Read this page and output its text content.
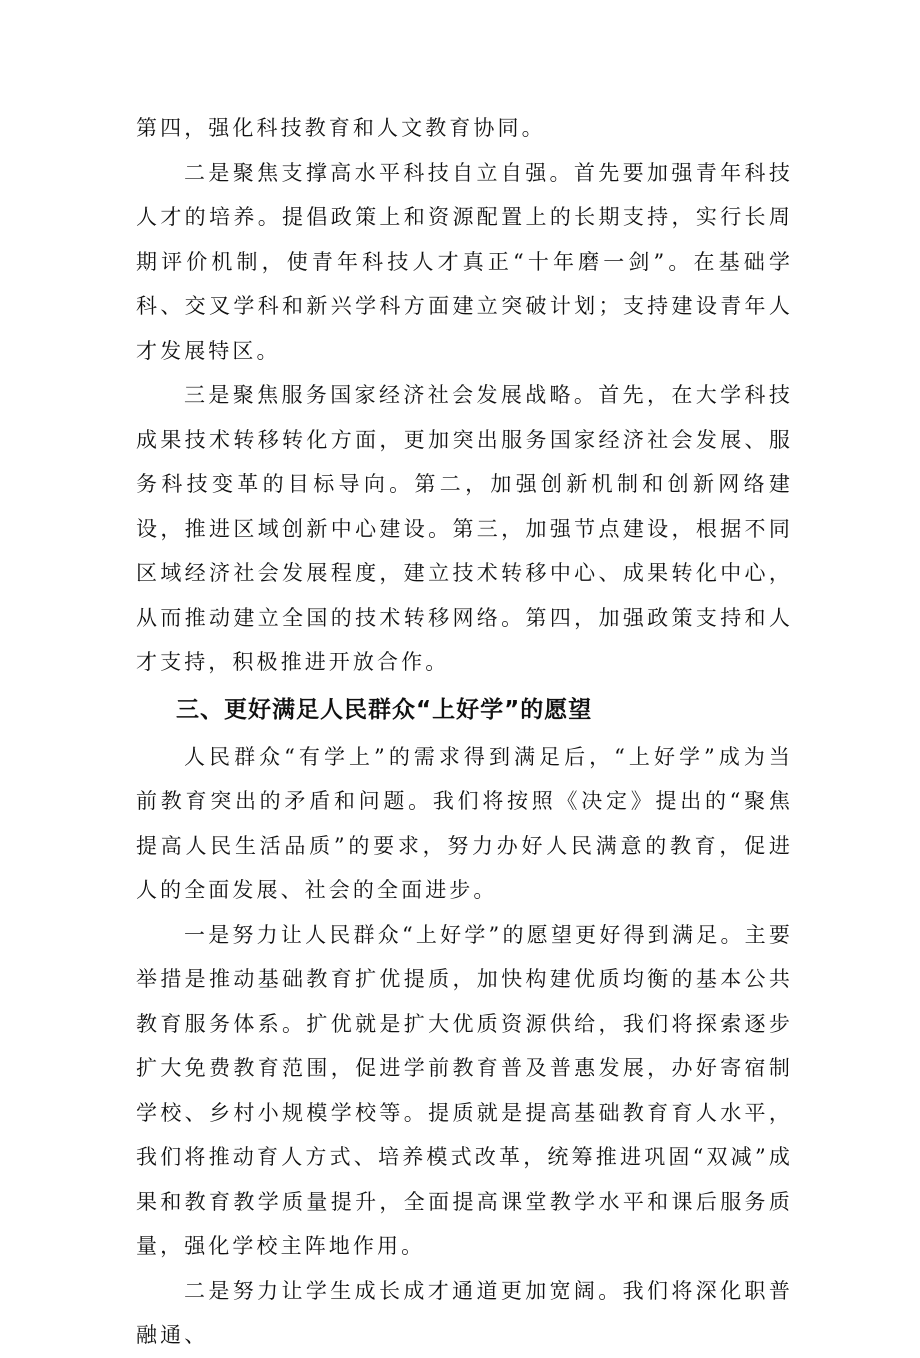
第四，强化科技教育和人文教育协同。

二是聚焦支撑高水平科技自立自强。首先要加强青年科技人才的培养。提倡政策上和资源配置上的长期支持，实行长周期评价机制，使青年科技人才真正“十年磨一剑”。在基础学科、交叉学科和新兴学科方面建立突破计划；支持建设青年人才发展特区。

三是聚焦服务国家经济社会发展战略。首先，在大学科技成果技术转移转化方面，更加突出服务国家经济社会发展、服务科技变革的目标导向。第二，加强创新机制和创新网络建设，推进区域创新中心建设。第三，加强节点建设，根据不同区域经济社会发展程度，建立技术转移中心、成果转化中心，从而推动建立全国的技术转移网络。第四，加强政策支持和人才支持，积极推进开放合作。

三、更好满足人民群众“上好学”的愿望

人民群众“有学上”的需求得到满足后，“上好学”成为当前教育突出的矛盾和问题。我们将按照《决定》提出的“聚焦提高人民生活品质”的要求，努力办好人民满意的教育，促进人的全面发展、社会的全面进步。

一是努力让人民群众“上好学”的愿望更好得到满足。主要举措是推动基础教育扩优提质，加快构建优质均衡的基本公共教育服务体系。扩优就是扩大优质资源供给，我们将探索逐步扩大免费教育范围，促进学前教育普及普惠发展，办好寄宿制学校、乡村小规模学校等。提质就是提高基础教育育人水平，我们将推动育人方式、培养模式改革，统筹推进巩固“双减”成果和教育教学质量提升，全面提高课堂教学水平和课后服务质量，强化学校主阵地作用。

二是努力让学生成长成才通道更加宽阔。我们将深化职普融通、
